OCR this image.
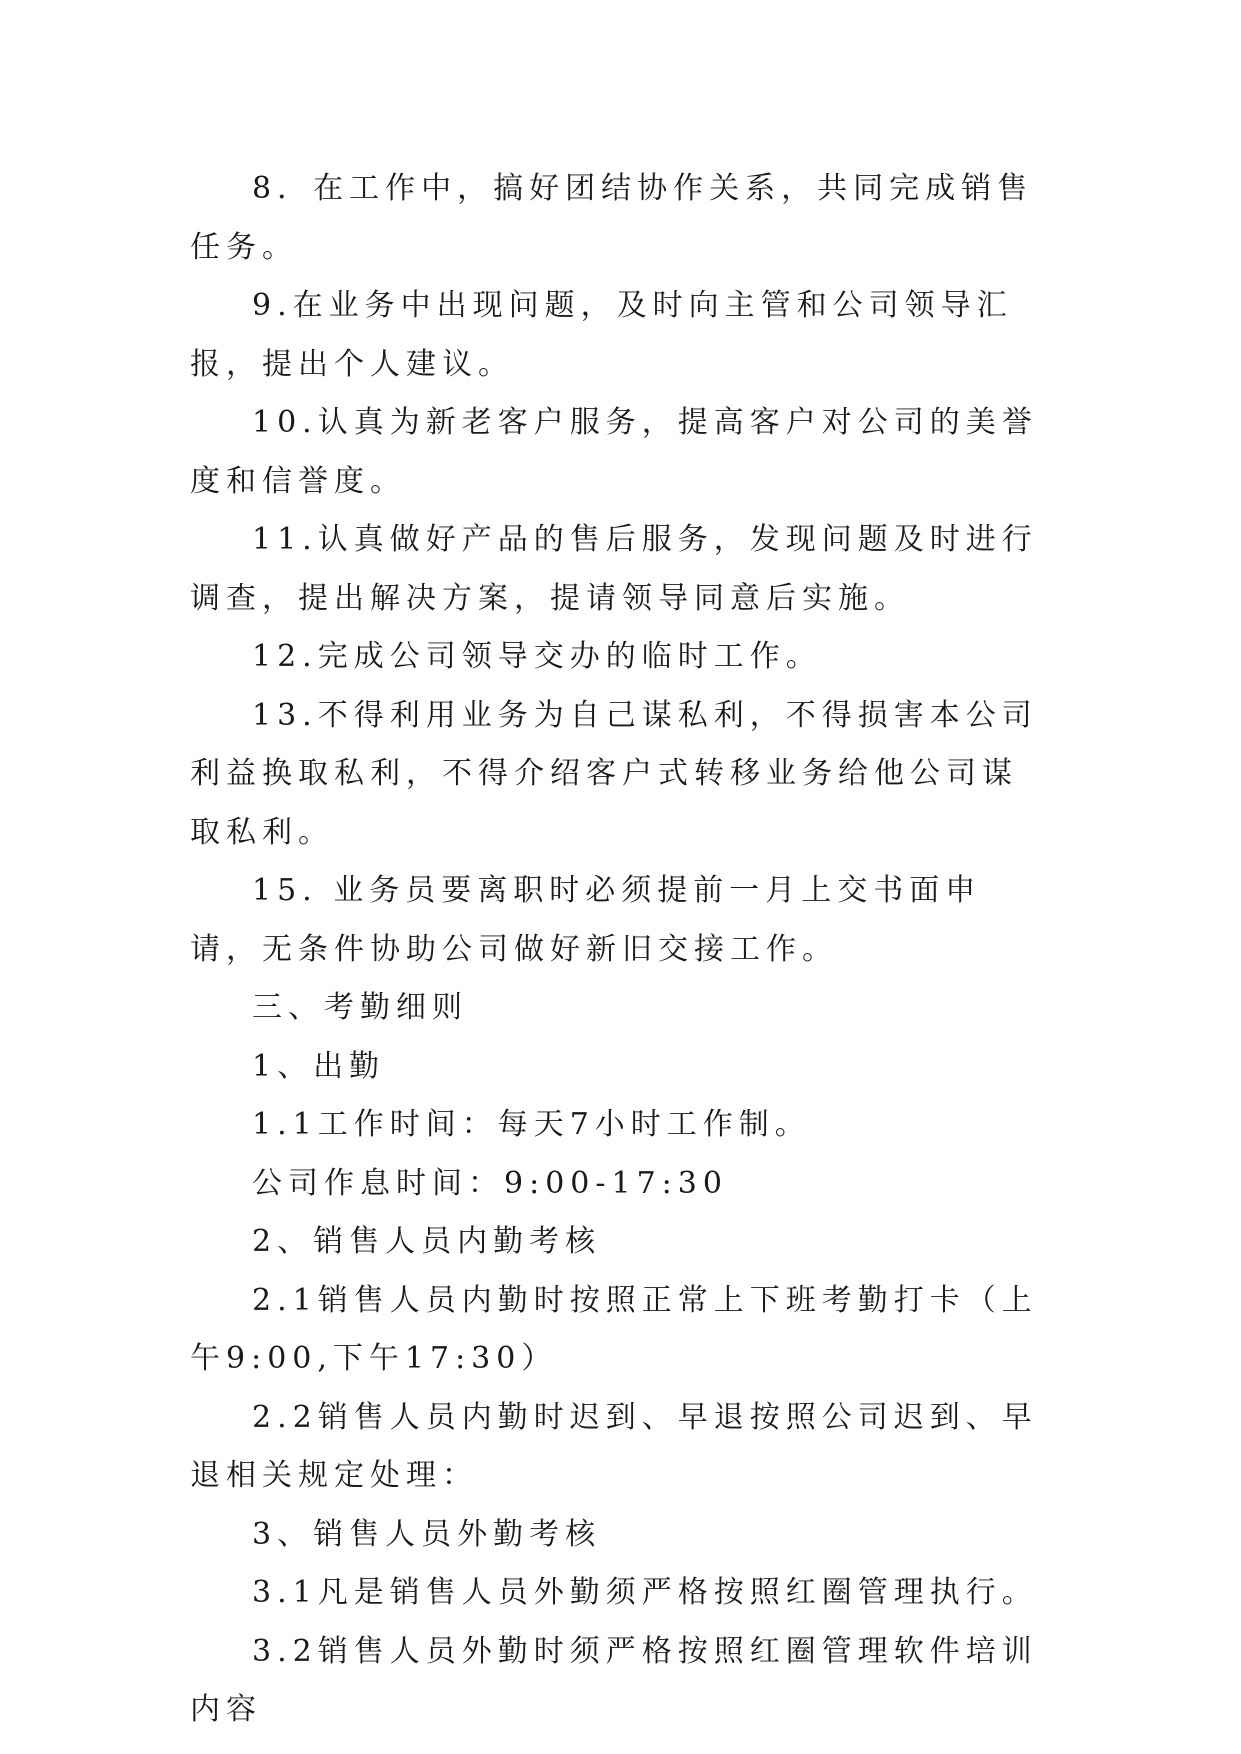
8．在工作中，搞好团结协作关系，共同完成销售任务。

9.在业务中出现问题，及时向主管和公司领导汇报，提出个人建议。

10.认真为新老客户服务，提高客户对公司的美誉度和信誉度。

11.认真做好产品的售后服务，发现问题及时进行调查，提出解决方案，提请领导同意后实施。

12.完成公司领导交办的临时工作。

13.不得利用业务为自己谋私利，不得损害本公司利益换取私利，不得介绍客户式转移业务给他公司谋取私利。

15. 业务员要离职时必须提前一月上交书面申请，无条件协助公司做好新旧交接工作。

三、考勤细则

1、出勤

1.1工作时间：每天7小时工作制。

公司作息时间：9:00-17:30

2、销售人员内勤考核

2.1销售人员内勤时按照正常上下班考勤打卡（上午9:00,下午17:30）

2.2销售人员内勤时迟到、早退按照公司迟到、早退相关规定处理：

3、销售人员外勤考核

3.1凡是销售人员外勤须严格按照红圈管理执行。

3.2销售人员外勤时须严格按照红圈管理软件培训内容
